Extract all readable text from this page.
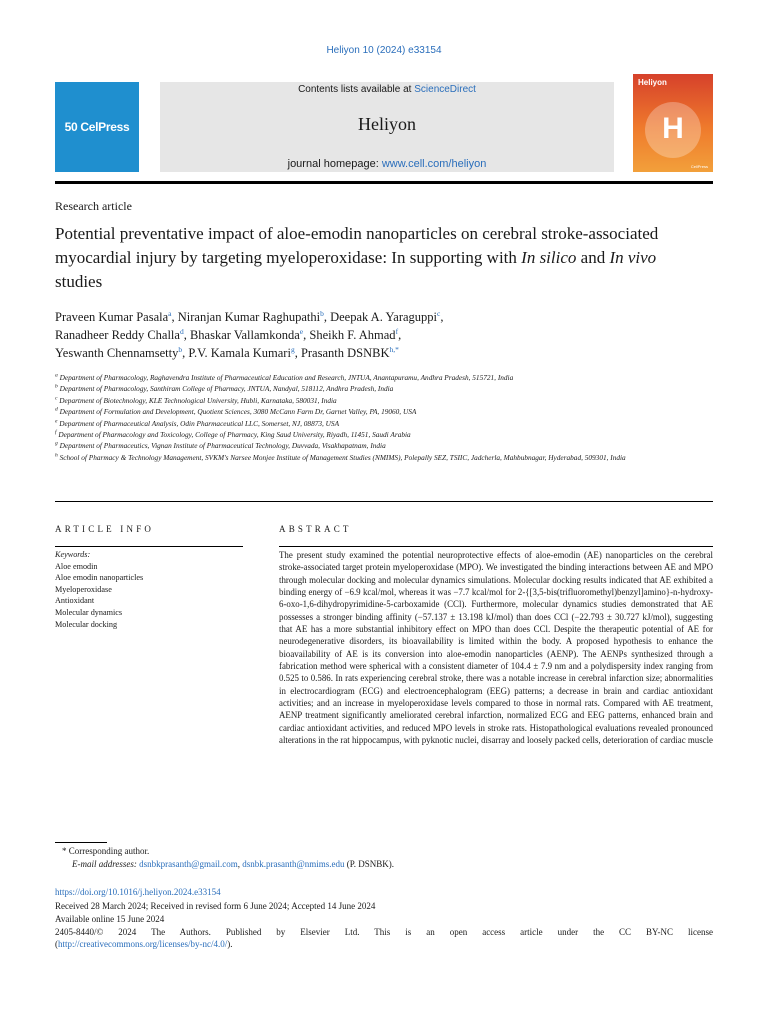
Heliyon 10 (2024) e33154
50 CelPress
Contents lists available at ScienceDirect
Heliyon
journal homepage: www.cell.com/heliyon
Heliyon
H
CellPress
Research article
Potential preventative impact of aloe-emodin nanoparticles on cerebral stroke-associated myocardial injury by targeting myeloperoxidase: In supporting with In silico and In vivo studies
Praveen Kumar Pasala$^a$, Niranjan Kumar Raghupathi$^b$, Deepak A. Yaraguppi$^c$,
Ranadheer Reddy Challa$^d$, Bhaskar Vallamkonda$^e$, Sheikh F. Ahmad$^f$,
Yeswanth Chennamsetty$^b$, P.V. Kamala Kumari$^g$, Prasanth $DSNBK^{h,*}$
$^a$ Department of Pharmacology, Raghavendra Institute of Pharmaceutical Education and Research, JNTUA, Anantapuramu, Andhra Pradesh, 515721, India
$^b$ Department of Pharmacology, Santhiram College of Pharmacy, JNTUA, Nandyal, 518112, Andhra Pradesh, India
$^c$ Department of Biotechnology, KLE Technological University, Hubli, Karnataka, 580031, India
$^d$ Department of Formulation and Development, Quotient Sciences, 3080 McCann Farm Dr, Garnet Valley, PA, 19060, USA
$^e$ Department of Pharmaceutical Analysis, Odin Pharmaceutical LLC, Somerset, NJ, 08873, USA
$^f$ Department of Pharmacology and Toxicology, College of Pharmacy, King Saud University, Riyadh, 11451, Saudi Arabia
$^g$ Department of Pharmaceutics, Vignan Institute of Pharmaceutical Technology, Duvvada, Visakhapatnam, India
$^h$ School of Pharmacy & Technology Management, SVKM's Narsee Monjee Institute of Management Studies (NMIMS), Polepally SEZ, TSIIC, Jadcherla, Mahbubnagar, Hyderabad, 509301, India
ARTICLE INFO	ABSTRACT
Keywords:
Aloe emodin
Aloe emodin nanoparticles
Myeloperoxidase
Antioxidant
Molecular dynamics
Molecular docking
The present study examined the potential neuroprotective effects of aloe-emodin (AE) nanoparticles on the cerebral stroke-associated target protein myeloperoxidase (MPO). We investigated the binding interactions between AE and MPO through molecular docking and molecular dynamics simulations. Molecular docking results indicated that AE exhibited a binding energy of −6.9 kcal/mol, whereas it was −7.7 kcal/mol for 2-{[3,5-bis(trifluoromethyl)benzyl]amino}-n-hydroxy-6-oxo-1,6-dihydropyrimidine-5-carboxamide (CCl). Furthermore, molecular dynamics studies demonstrated that AE possesses a stronger binding affinity (−57.137 ± 13.198 kJ/mol) than does CCl (−22.793 ± 30.727 kJ/mol), suggesting that AE has a more substantial inhibitory effect on MPO than does CCl. Despite the therapeutic potential of AE for neurodegenerative disorders, its bioavailability is limited within the body. A proposed hypothesis to enhance the bioavailability of AE is its conversion into aloe-emodin nanoparticles (AENP). The AENPs synthesized through a fabrication method were spherical with a consistent diameter of 104.4 ± 7.9 nm and a polydispersity index ranging from 0.525 to 0.586. In rats experiencing cerebral stroke, there was a notable increase in cerebral infarction size; abnormalities in electrocardiogram (ECG) and electroencephalogram (EEG) patterns; a decrease in brain and cardiac antioxidant activities; and an increase in myeloperoxidase levels compared to those in normal rats. Compared with AE treatment, AENP treatment significantly ameliorated cerebral infarction, normalized ECG and EEG patterns, enhanced brain and cardiac antioxidant activities, and reduced MPO levels in stroke rats. Histopathological evaluations revealed pronounced alterations in the rat hippocampus, with pyknotic nuclei, disarray and loosely packed cells, deterioration of cardiac muscle
* Corresponding author.
E-mail addresses: dsnbkprasanth@gmail.com, dsnbk.prasanth@nmims.edu (P. DSNBK).
https://doi.org/10.1016/j.heliyon.2024.e33154
Received 28 March 2024; Received in revised form 6 June 2024; Accepted 14 June 2024
Available online 15 June 2024
2405-8440/© 2024 The Authors. Published by Elsevier Ltd. This is an open access article under the CC BY-NC license
(http://creativecommons.org/licenses/by-nc/4.0/).
